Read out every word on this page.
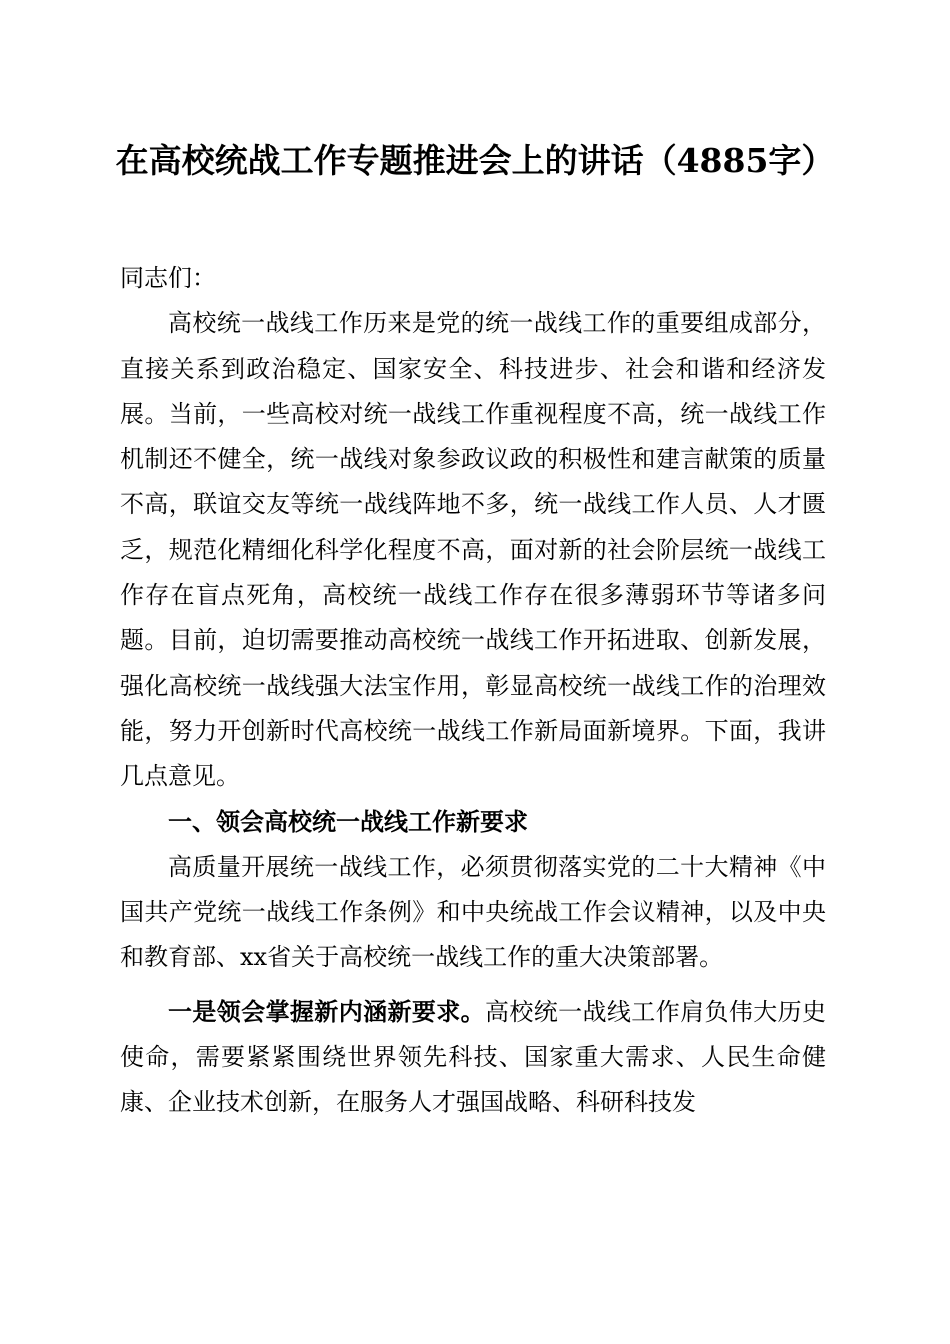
在高校统战工作专题推进会上的讲话（4885字）

同志们：

高校统一战线工作历来是党的统一战线工作的重要组成部分，直接关系到政治稳定、国家安全、科技进步、社会和谐和经济发展。当前，一些高校对统一战线工作重视程度不高，统一战线工作机制还不健全，统一战线对象参政议政的积极性和建言献策的质量不高，联谊交友等统一战线阵地不多，统一战线工作人员、人才匮乏，规范化精细化科学化程度不高，面对新的社会阶层统一战线工作存在盲点死角，高校统一战线工作存在很多薄弱环节等诸多问题。目前，迫切需要推动高校统一战线工作开拓进取、创新发展，强化高校统一战线强大法宝作用，彰显高校统一战线工作的治理效能，努力开创新时代高校统一战线工作新局面新境界。下面，我讲几点意见。

一、领会高校统一战线工作新要求

高质量开展统一战线工作，必须贯彻落实党的二十大精神《中国共产党统一战线工作条例》和中央统战工作会议精神，以及中央和教育部、xx省关于高校统一战线工作的重大决策部署。

一是领会掌握新内涵新要求。高校统一战线工作肩负伟大历史使命，需要紧紧围绕世界领先科技、国家重大需求、人民生命健康、企业技术创新，在服务人才强国战略、科研科技发
